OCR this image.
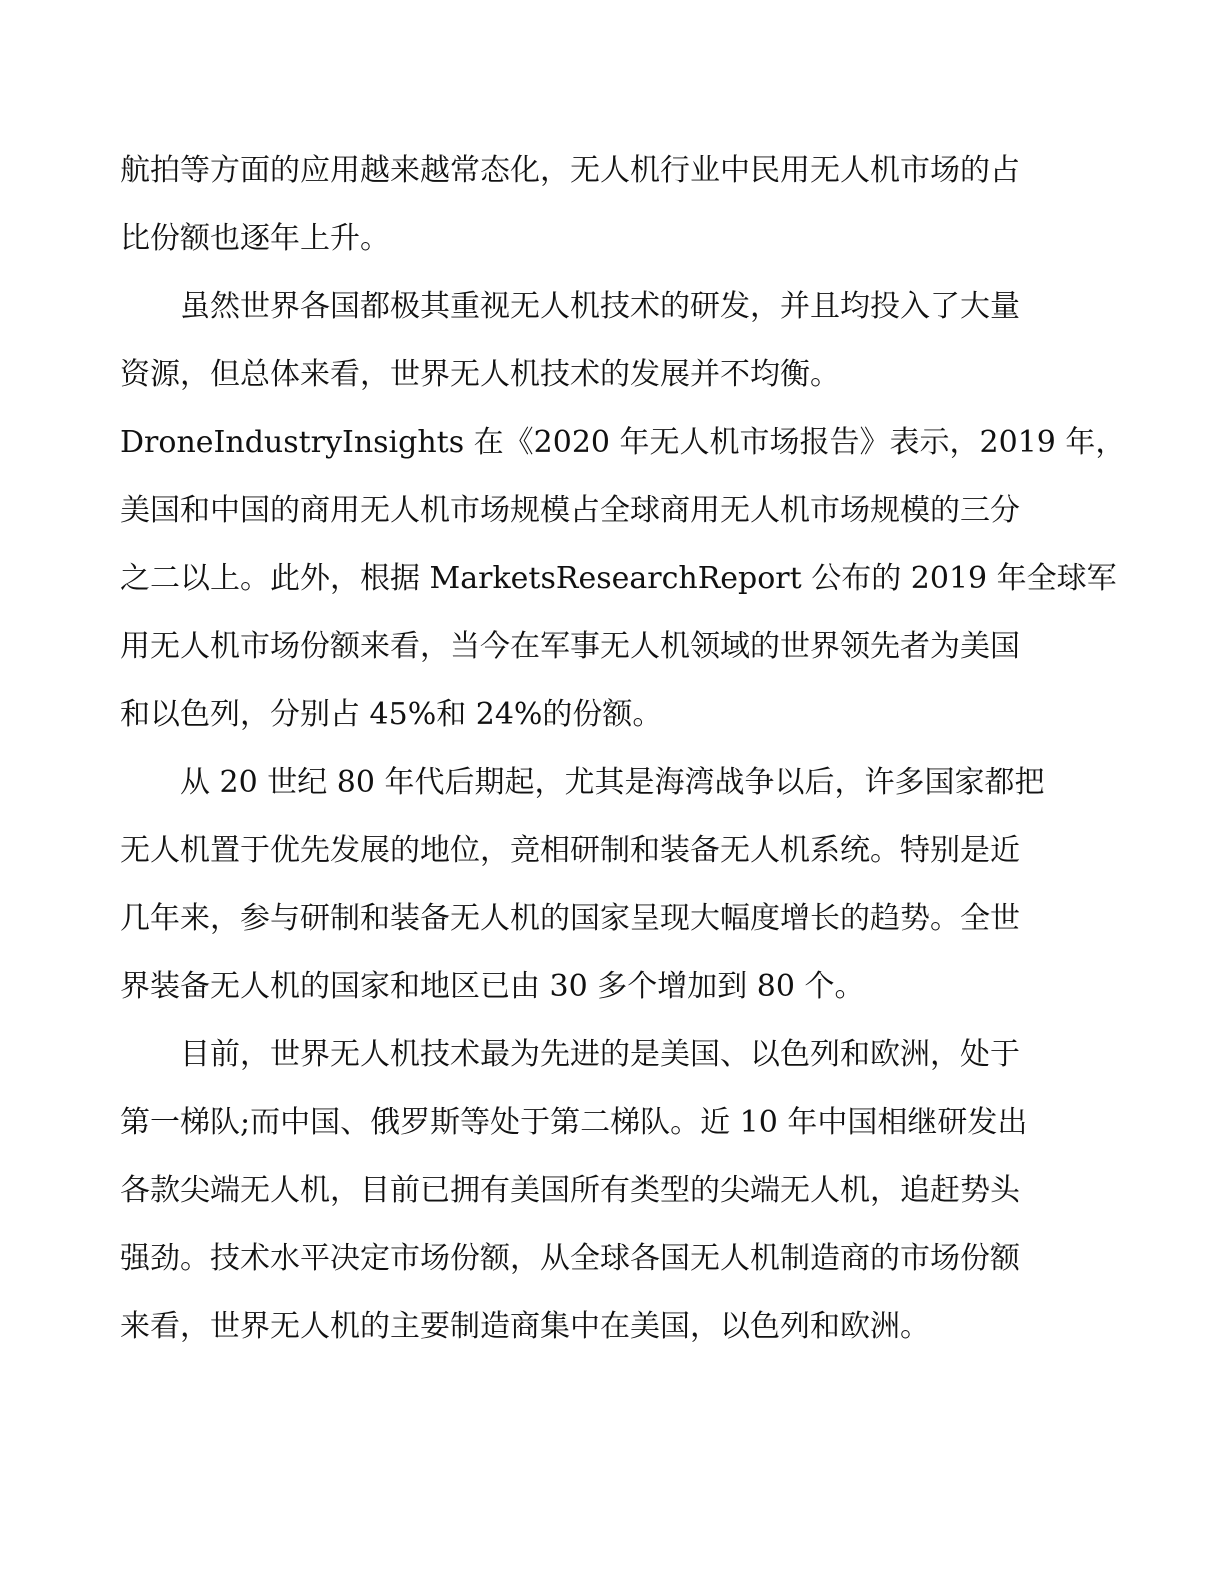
航拍等方面的应用越来越常态化，无人机行业中民用无人机市场的占
比份额也逐年上升。
虽然世界各国都极其重视无人机技术的研发，并且均投入了大量
资源，但总体来看，世界无人机技术的发展并不均衡。
DroneIndustryInsights 在《2020 年无人机市场报告》表示，2019 年，
美国和中国的商用无人机市场规模占全球商用无人机市场规模的三分
之二以上。此外，根据 MarketsResearchReport 公布的 2019 年全球军
用无人机市场份额来看，当今在军事无人机领域的世界领先者为美国
和以色列，分别占 45%和 24%的份额。
从 20 世纪 80 年代后期起，尤其是海湾战争以后，许多国家都把
无人机置于优先发展的地位，竞相研制和装备无人机系统。特别是近
几年来，参与研制和装备无人机的国家呈现大幅度增长的趋势。全世
界装备无人机的国家和地区已由 30 多个增加到 80 个。
目前，世界无人机技术最为先进的是美国、以色列和欧洲，处于
第一梯队;而中国、俄罗斯等处于第二梯队。近 10 年中国相继研发出
各款尖端无人机，目前已拥有美国所有类型的尖端无人机，追赶势头
强劲。技术水平决定市场份额，从全球各国无人机制造商的市场份额
来看，世界无人机的主要制造商集中在美国，以色列和欧洲。
